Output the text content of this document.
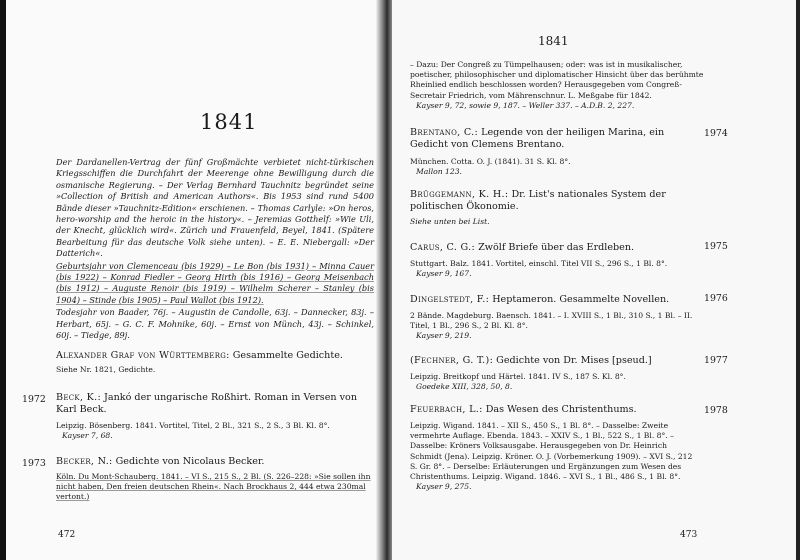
1841

Der Dardanellen-Vertrag der fünf Großmächte verbietet nicht-türkischen Kriegsschiffen die Durchfahrt der Meerenge ohne Bewilligung durch die osmanische Regierung. – Der Verlag Bernhard Tauchnitz begründet seine »Collection of British and American Authors«. Bis 1953 sind rund 5400 Bände dieser »Tauchnitz-Edition« erschienen. – Thomas Carlyle: »On heros, hero-worship and the heroic in the history«. – Jeremias Gotthelf: »Wie Uli, der Knecht, glücklich wird«. Zürich und Frauenfeld, Beyel, 1841. (Spätere Bearbeitung für das deutsche Volk siehe unten). – E. E. Niebergall: »Der Datterich«.

Geburtsjahr von Clemenceau (bis 1929) – Le Bon (bis 1931) – Minna Cauer (bis 1922) – Konrad Fiedler – Georg Hirth (bis 1916) – Georg Meisenbach (bis 1912) – Auguste Renoir (bis 1919) – Wilhelm Scherer – Stanley (bis 1904) – Stinde (bis 1905) – Paul Wallot (bis 1912).

Todesjahr von Baader, 76j. – Augustin de Candolle, 63j. – Dannecker, 83j. – Herbart, 65j. – G. C. F. Mohnike, 60j. – Ernst von Münch, 43j. – Schinkel, 60j. – Tiedge, 89j.

Alexander Graf von Württemberg: Gesammelte Gedichte.
Siehe Nr. 1821, Gedichte.
1972 Beck, K.: Jankó der ungarische Roßhirt. Roman in Versen von Karl Beck.
Leipzig. Bösenberg. 1841. Vortitel, Titel, 2 Bl., 321 S., 2 S., 3 Bl. Kl. 8°.
Kayser 7, 68.
1973 Becker, N.: Gedichte von Nicolaus Becker.
Köln. Du Mont-Schauberg. 1841. – VI S., 215 S., 2 Bl. (S. 226–228: »Sie sollen ihn nicht haben, Den freien deutschen Rhein«. Nach Brockhaus 2, 444 etwa 230mal vertont.)
472
1841
– Dazu: Der Congreß zu Tümpelhausen; oder: was ist in musikalischer, poetischer, philosophischer und diplomatischer Hinsicht über das berühmte Rheinlied endlich beschlossen worden? Herausgegeben vom Congreß-Secretair Friedrich, vom Mährenschnur. L. Meßgabe für 1842.
Kayser 9, 72, sowie 9, 187. – Weller 337. – A.D.B. 2, 227.
1974
Brentano, C.: Legende von der heiligen Marina, ein Gedicht von Clemens Brentano.
München. Cotta. O. J. (1841). 31 S. Kl. 8°.
Mallon 123.
Brüggemann, K. H.: Dr. List's nationales System der politischen Ökonomie.
Siehe unten bei List.
1975
Carus, C. G.: Zwölf Briefe über das Erdleben.
Stuttgart. Balz. 1841. Vortitel, einschl. Titel VII S., 296 S., 1 Bl. 8°.
Kayser 9, 167.
1976
Dingelstedt, F.: Heptameron. Gesammelte Novellen.
2 Bände. Magdeburg. Baensch. 1841. – I. XVIII S., 1 Bl., 310 S., 1 Bl. – II. Titel, 1 Bl., 296 S., 2 Bl. Kl. 8°.
Kayser 9, 219.
1977
(Fechner, G. T.): Gedichte von Dr. Mises [pseud.]
Leipzig. Breitkopf und Härtel. 1841. IV S., 187 S. Kl. 8°.
Goedeke XIII, 328, 50, 8.
1978
Feuerbach, L.: Das Wesen des Christenthums.
Leipzig. Wigand. 1841. – XII S., 450 S., 1 Bl. 8°. – Dasselbe: Zweite vermehrte Auflage. Ebenda. 1843. – XXIV S., 1 Bl., 522 S., 1 Bl. 8°. – Dasselbe: Kröners Volksausgabe. Herausgegeben von Dr. Heinrich Schmidt (Jena). Leipzig. Kröner. O. J. (Vorbemerkung 1909). – XVI S., 212 S. Gr. 8°. – Derselbe: Erläuterungen und Ergänzungen zum Wesen des Christenthums. Leipzig. Wigand. 1846. – XVI S., 1 Bl., 486 S., 1 Bl. 8°.
Kayser 9, 275.
473
